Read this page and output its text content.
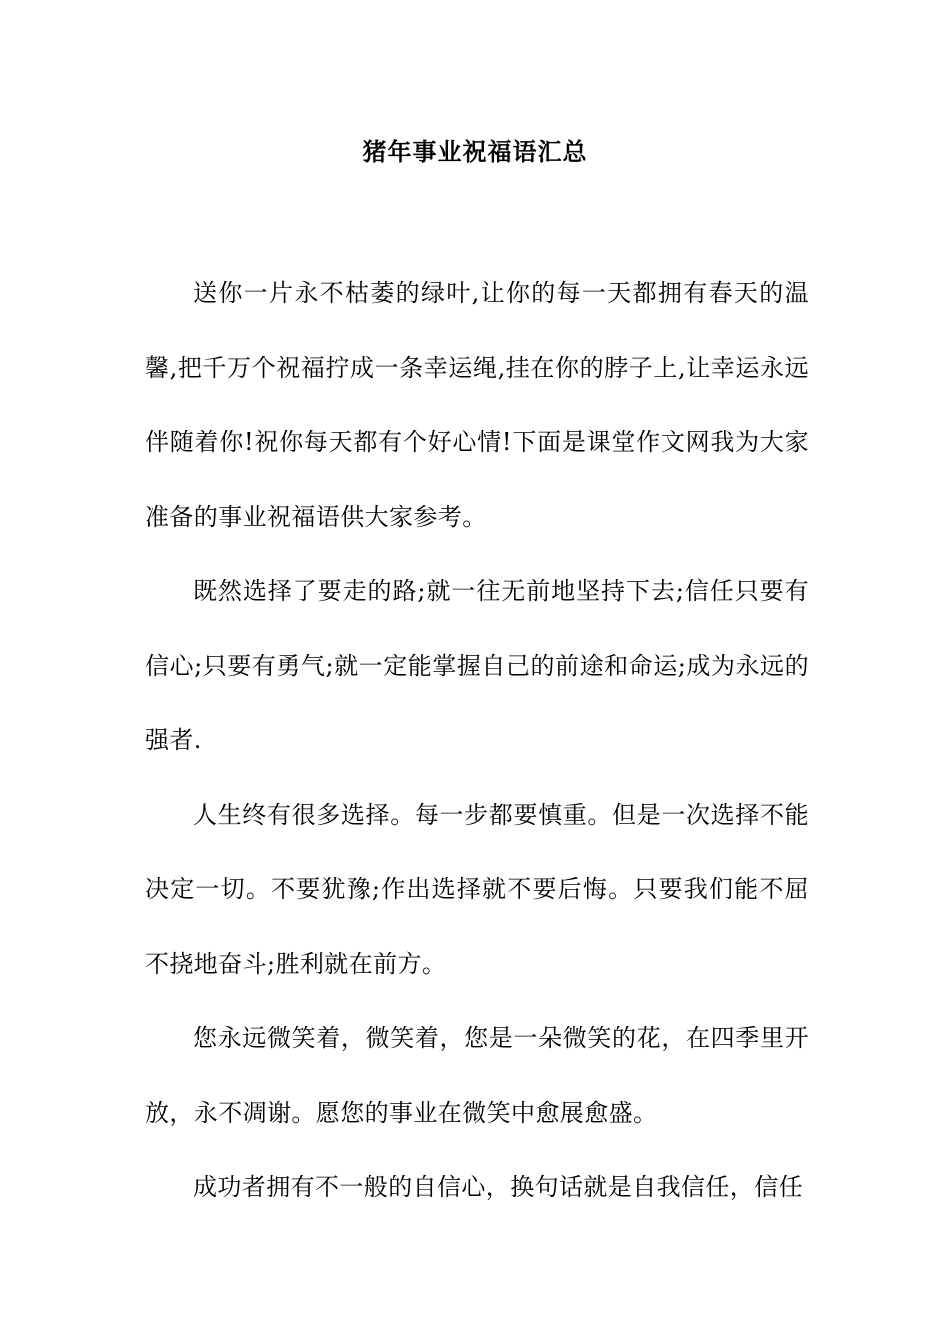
猪年事业祝福语汇总

送你一片永不枯萎的绿叶,让你的每一天都拥有春天的温馨,把千万个祝福拧成一条幸运绳,挂在你的脖子上,让幸运永远伴随着你!祝你每天都有个好心情!下面是课堂作文网我为大家准备的事业祝福语供大家参考。

既然选择了要走的路;就一往无前地坚持下去;信任只要有信心;只要有勇气;就一定能掌握自己的前途和命运;成为永远的强者.

人生终有很多选择。每一步都要慎重。但是一次选择不能决定一切。不要犹豫;作出选择就不要后悔。只要我们能不屈不挠地奋斗;胜利就在前方。

您永远微笑着，微笑着，您是一朵微笑的花，在四季里开放，永不凋谢。愿您的事业在微笑中愈展愈盛。

成功者拥有不一般的自信心，换句话就是自我信任，信任
